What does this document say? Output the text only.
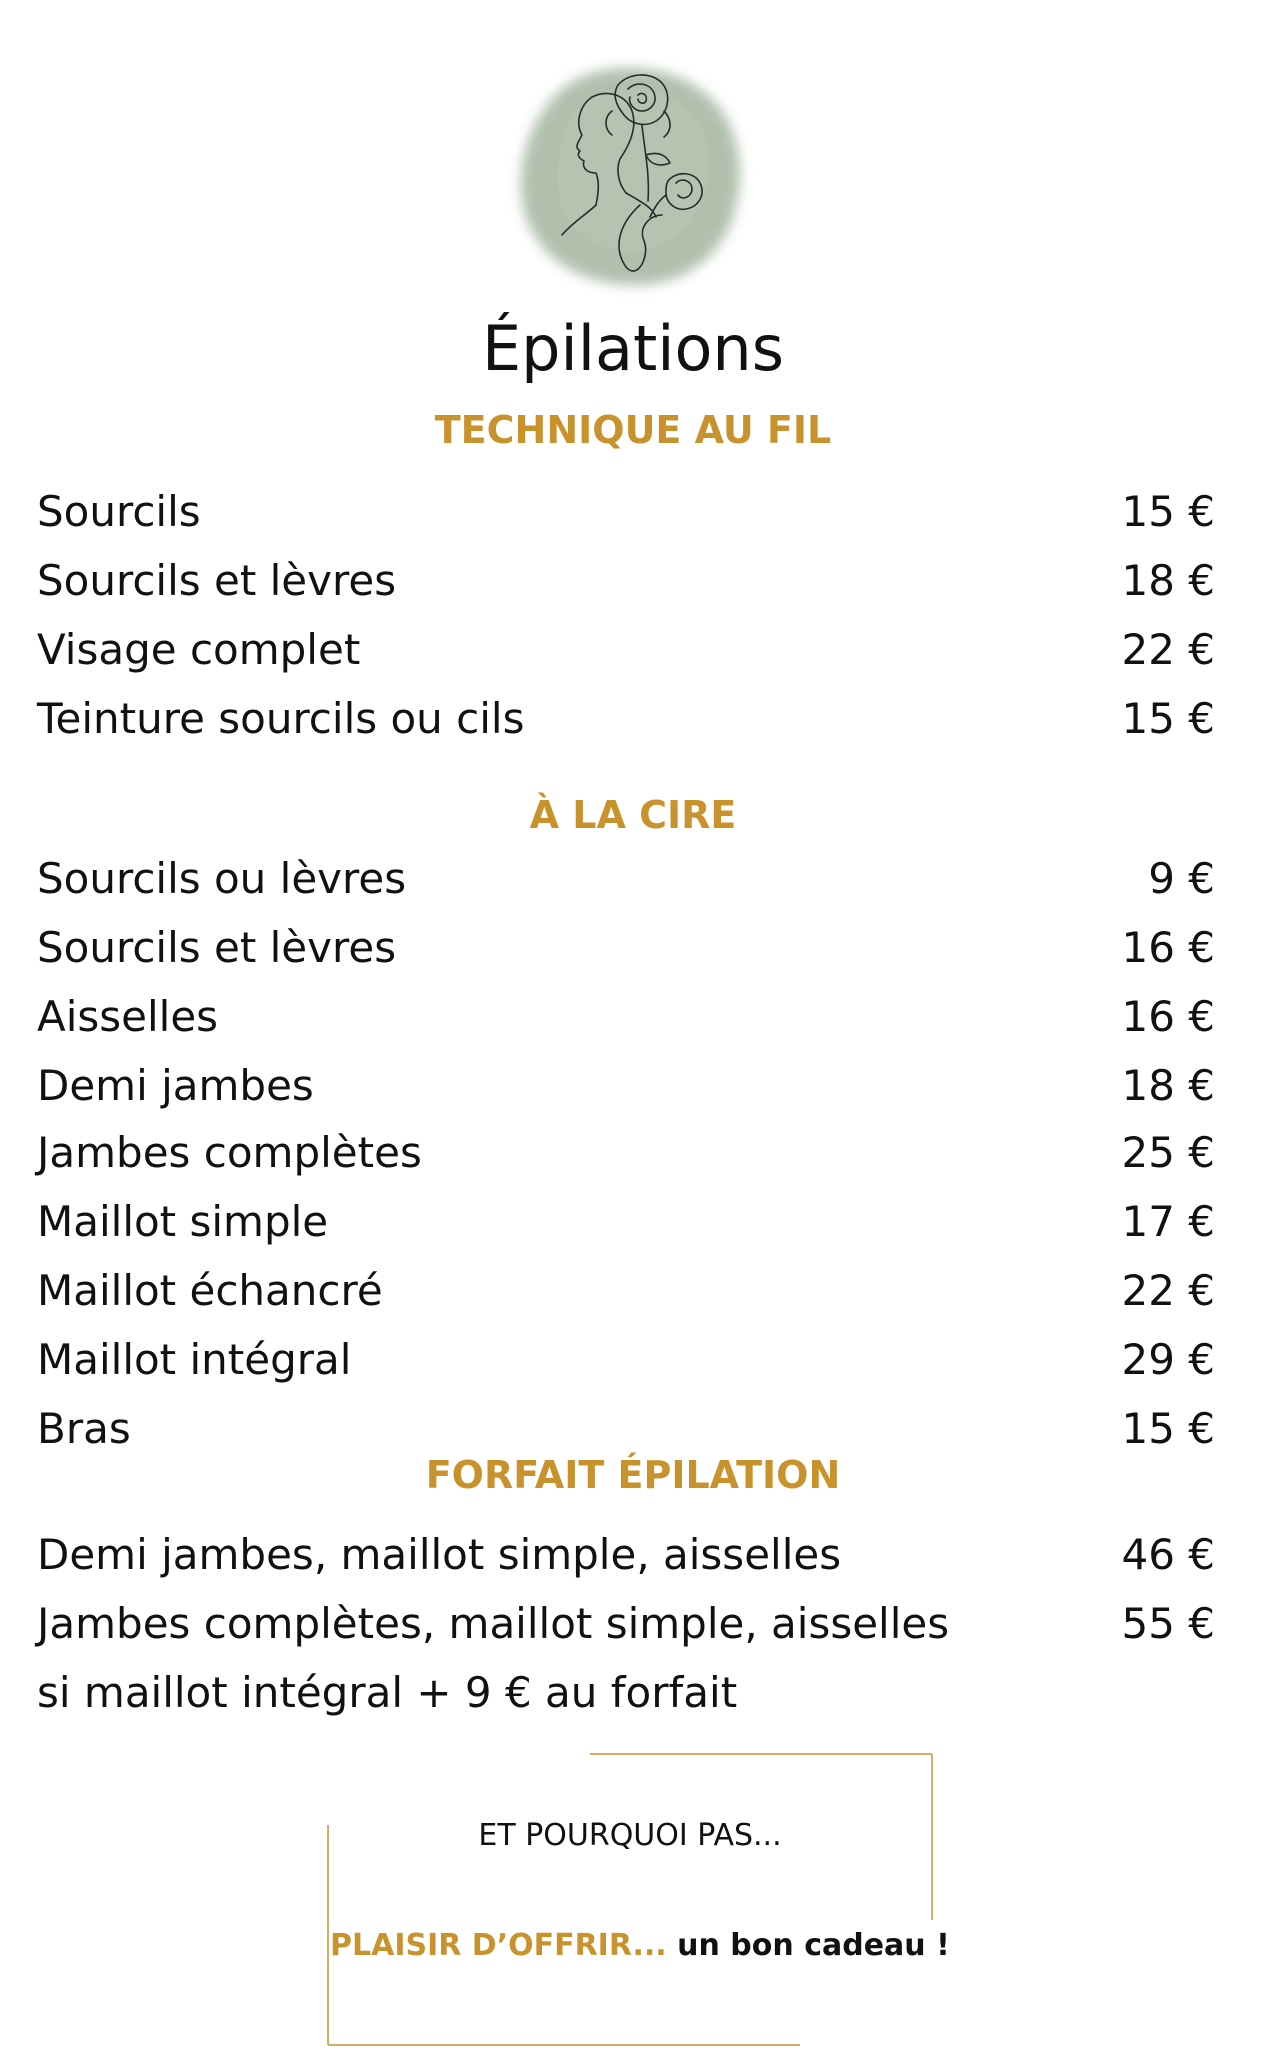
Épilations
TECHNIQUE AU FIL
Sourcils	15 €
Sourcils et lèvres	18 €
Visage complet	22 €
Teinture sourcils ou cils	15 €
À LA CIRE
Sourcils ou lèvres	9 €
Sourcils et lèvres	16 €
Aisselles	16 €
Demi jambes	18 €
Jambes complètes	25 €
Maillot simple	17 €
Maillot échancré	22 €
Maillot intégral	29 €
Bras	15 €
FORFAIT ÉPILATION
Demi jambes, maillot simple, aisselles	46 €
Jambes complètes, maillot simple, aisselles	55 €
si maillot intégral + 9 € au forfait
ET POURQUOI PAS...
PLAISIR D’OFFRIR... un bon cadeau !
